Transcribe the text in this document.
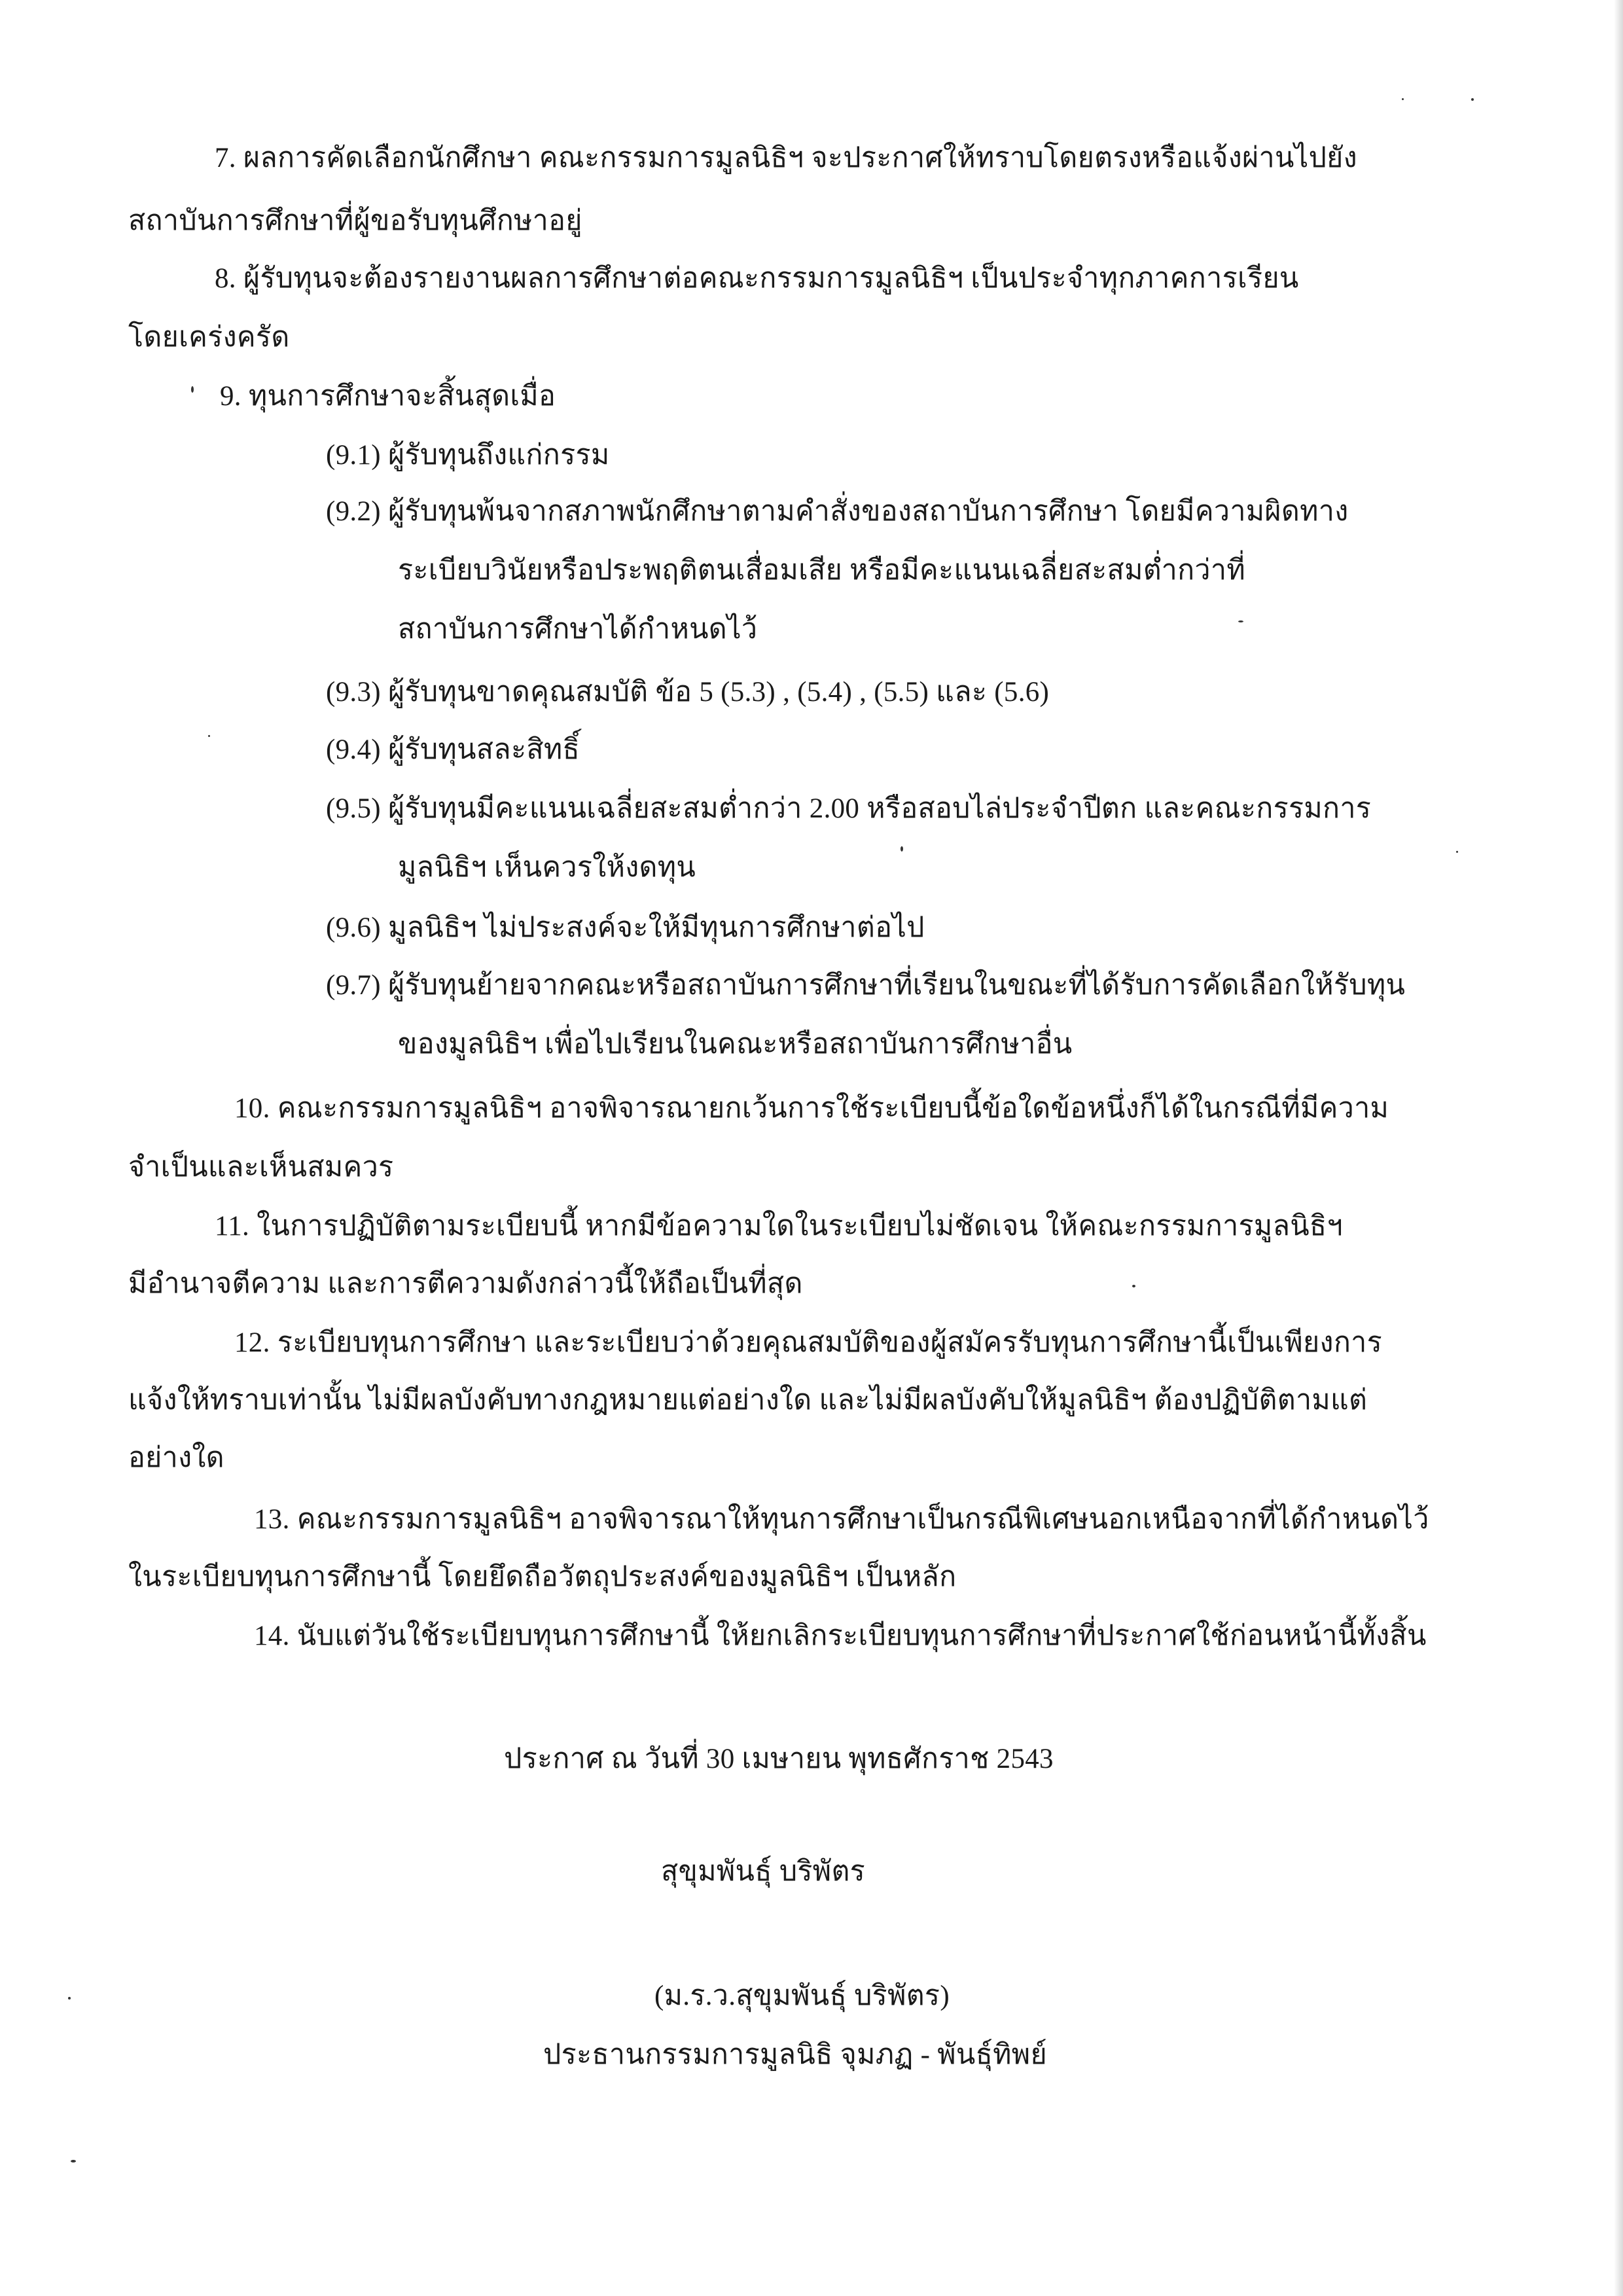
7. ผลการคัดเลือกนักศึกษา คณะกรรมการมูลนิธิฯ จะประกาศให้ทราบโดยตรงหรือแจ้งผ่านไปยัง
สถาบันการศึกษาที่ผู้ขอรับทุนศึกษาอยู่
8. ผู้รับทุนจะต้องรายงานผลการศึกษาต่อคณะกรรมการมูลนิธิฯ เป็นประจำทุกภาคการเรียน
โดยเคร่งครัด
9. ทุนการศึกษาจะสิ้นสุดเมื่อ
(9.1) ผู้รับทุนถึงแก่กรรม
(9.2) ผู้รับทุนพ้นจากสภาพนักศึกษาตามคำสั่งของสถาบันการศึกษา โดยมีความผิดทาง
ระเบียบวินัยหรือประพฤติตนเสื่อมเสีย หรือมีคะแนนเฉลี่ยสะสมต่ำกว่าที่
สถาบันการศึกษาได้กำหนดไว้
(9.3) ผู้รับทุนขาดคุณสมบัติ ข้อ 5 (5.3) , (5.4) , (5.5) และ (5.6)
(9.4) ผู้รับทุนสละสิทธิ์
(9.5) ผู้รับทุนมีคะแนนเฉลี่ยสะสมต่ำกว่า 2.00 หรือสอบไล่ประจำปีตก และคณะกรรมการ
มูลนิธิฯ เห็นควรให้งดทุน
(9.6) มูลนิธิฯ ไม่ประสงค์จะให้มีทุนการศึกษาต่อไป
(9.7) ผู้รับทุนย้ายจากคณะหรือสถาบันการศึกษาที่เรียนในขณะที่ได้รับการคัดเลือกให้รับทุน
ของมูลนิธิฯ เพื่อไปเรียนในคณะหรือสถาบันการศึกษาอื่น
10. คณะกรรมการมูลนิธิฯ อาจพิจารณายกเว้นการใช้ระเบียบนี้ข้อใดข้อหนึ่งก็ได้ในกรณีที่มีความ
จำเป็นและเห็นสมควร
11. ในการปฏิบัติตามระเบียบนี้ หากมีข้อความใดในระเบียบไม่ชัดเจน ให้คณะกรรมการมูลนิธิฯ
มีอำนาจตีความ และการตีความดังกล่าวนี้ให้ถือเป็นที่สุด
12. ระเบียบทุนการศึกษา และระเบียบว่าด้วยคุณสมบัติของผู้สมัครรับทุนการศึกษานี้เป็นเพียงการ
แจ้งให้ทราบเท่านั้น ไม่มีผลบังคับทางกฎหมายแต่อย่างใด และไม่มีผลบังคับให้มูลนิธิฯ ต้องปฏิบัติตามแต่
อย่างใด
13. คณะกรรมการมูลนิธิฯ อาจพิจารณาให้ทุนการศึกษาเป็นกรณีพิเศษนอกเหนือจากที่ได้กำหนดไว้
ในระเบียบทุนการศึกษานี้ โดยยึดถือวัตถุประสงค์ของมูลนิธิฯ เป็นหลัก
14. นับแต่วันใช้ระเบียบทุนการศึกษานี้ ให้ยกเลิกระเบียบทุนการศึกษาที่ประกาศใช้ก่อนหน้านี้ทั้งสิ้น
ประกาศ ณ วันที่ 30 เมษายน พุทธศักราช 2543
สุขุมพันธุ์ บริพัตร
(ม.ร.ว.สุขุมพันธุ์ บริพัตร)
ประธานกรรมการมูลนิธิ จุมภฏ - พันธุ์ทิพย์
